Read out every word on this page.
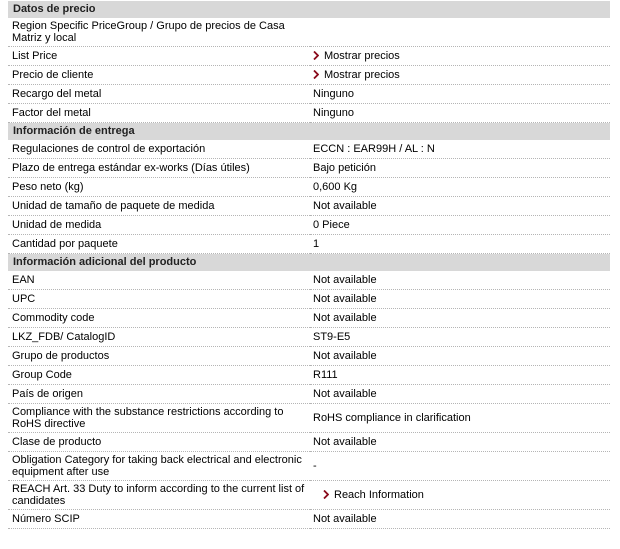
Datos de precio	
Region Specific PriceGroup / Grupo de precios de Casa Matriz y local	
List Price	Mostrar precios
Precio de cliente	Mostrar precios
Recargo del metal	Ninguno
Factor del metal	Ninguno
Información de entrega	
Regulaciones de control de exportación	ECCN : EAR99H / AL : N
Plazo de entrega estándar ex-works (Días útiles)	Bajo petición
Peso neto (kg)	0,600 Kg
Unidad de tamaño de paquete de medida	Not available
Unidad de medida	0 Piece
Cantidad por paquete	1
Información adicional del producto	
EAN	Not available
UPC	Not available
Commodity code	Not available
LKZ_FDB/ CatalogID	ST9-E5
Grupo de productos	Not available
Group Code	R111
País de origen	Not available
Compliance with the substance restrictions according to RoHS directive	RoHS compliance in clarification
Clase de producto	Not available
Obligation Category for taking back electrical and electronic equipment after use	-
REACH Art. 33 Duty to inform according to the current list of candidates	Reach Information
Número SCIP	Not available
